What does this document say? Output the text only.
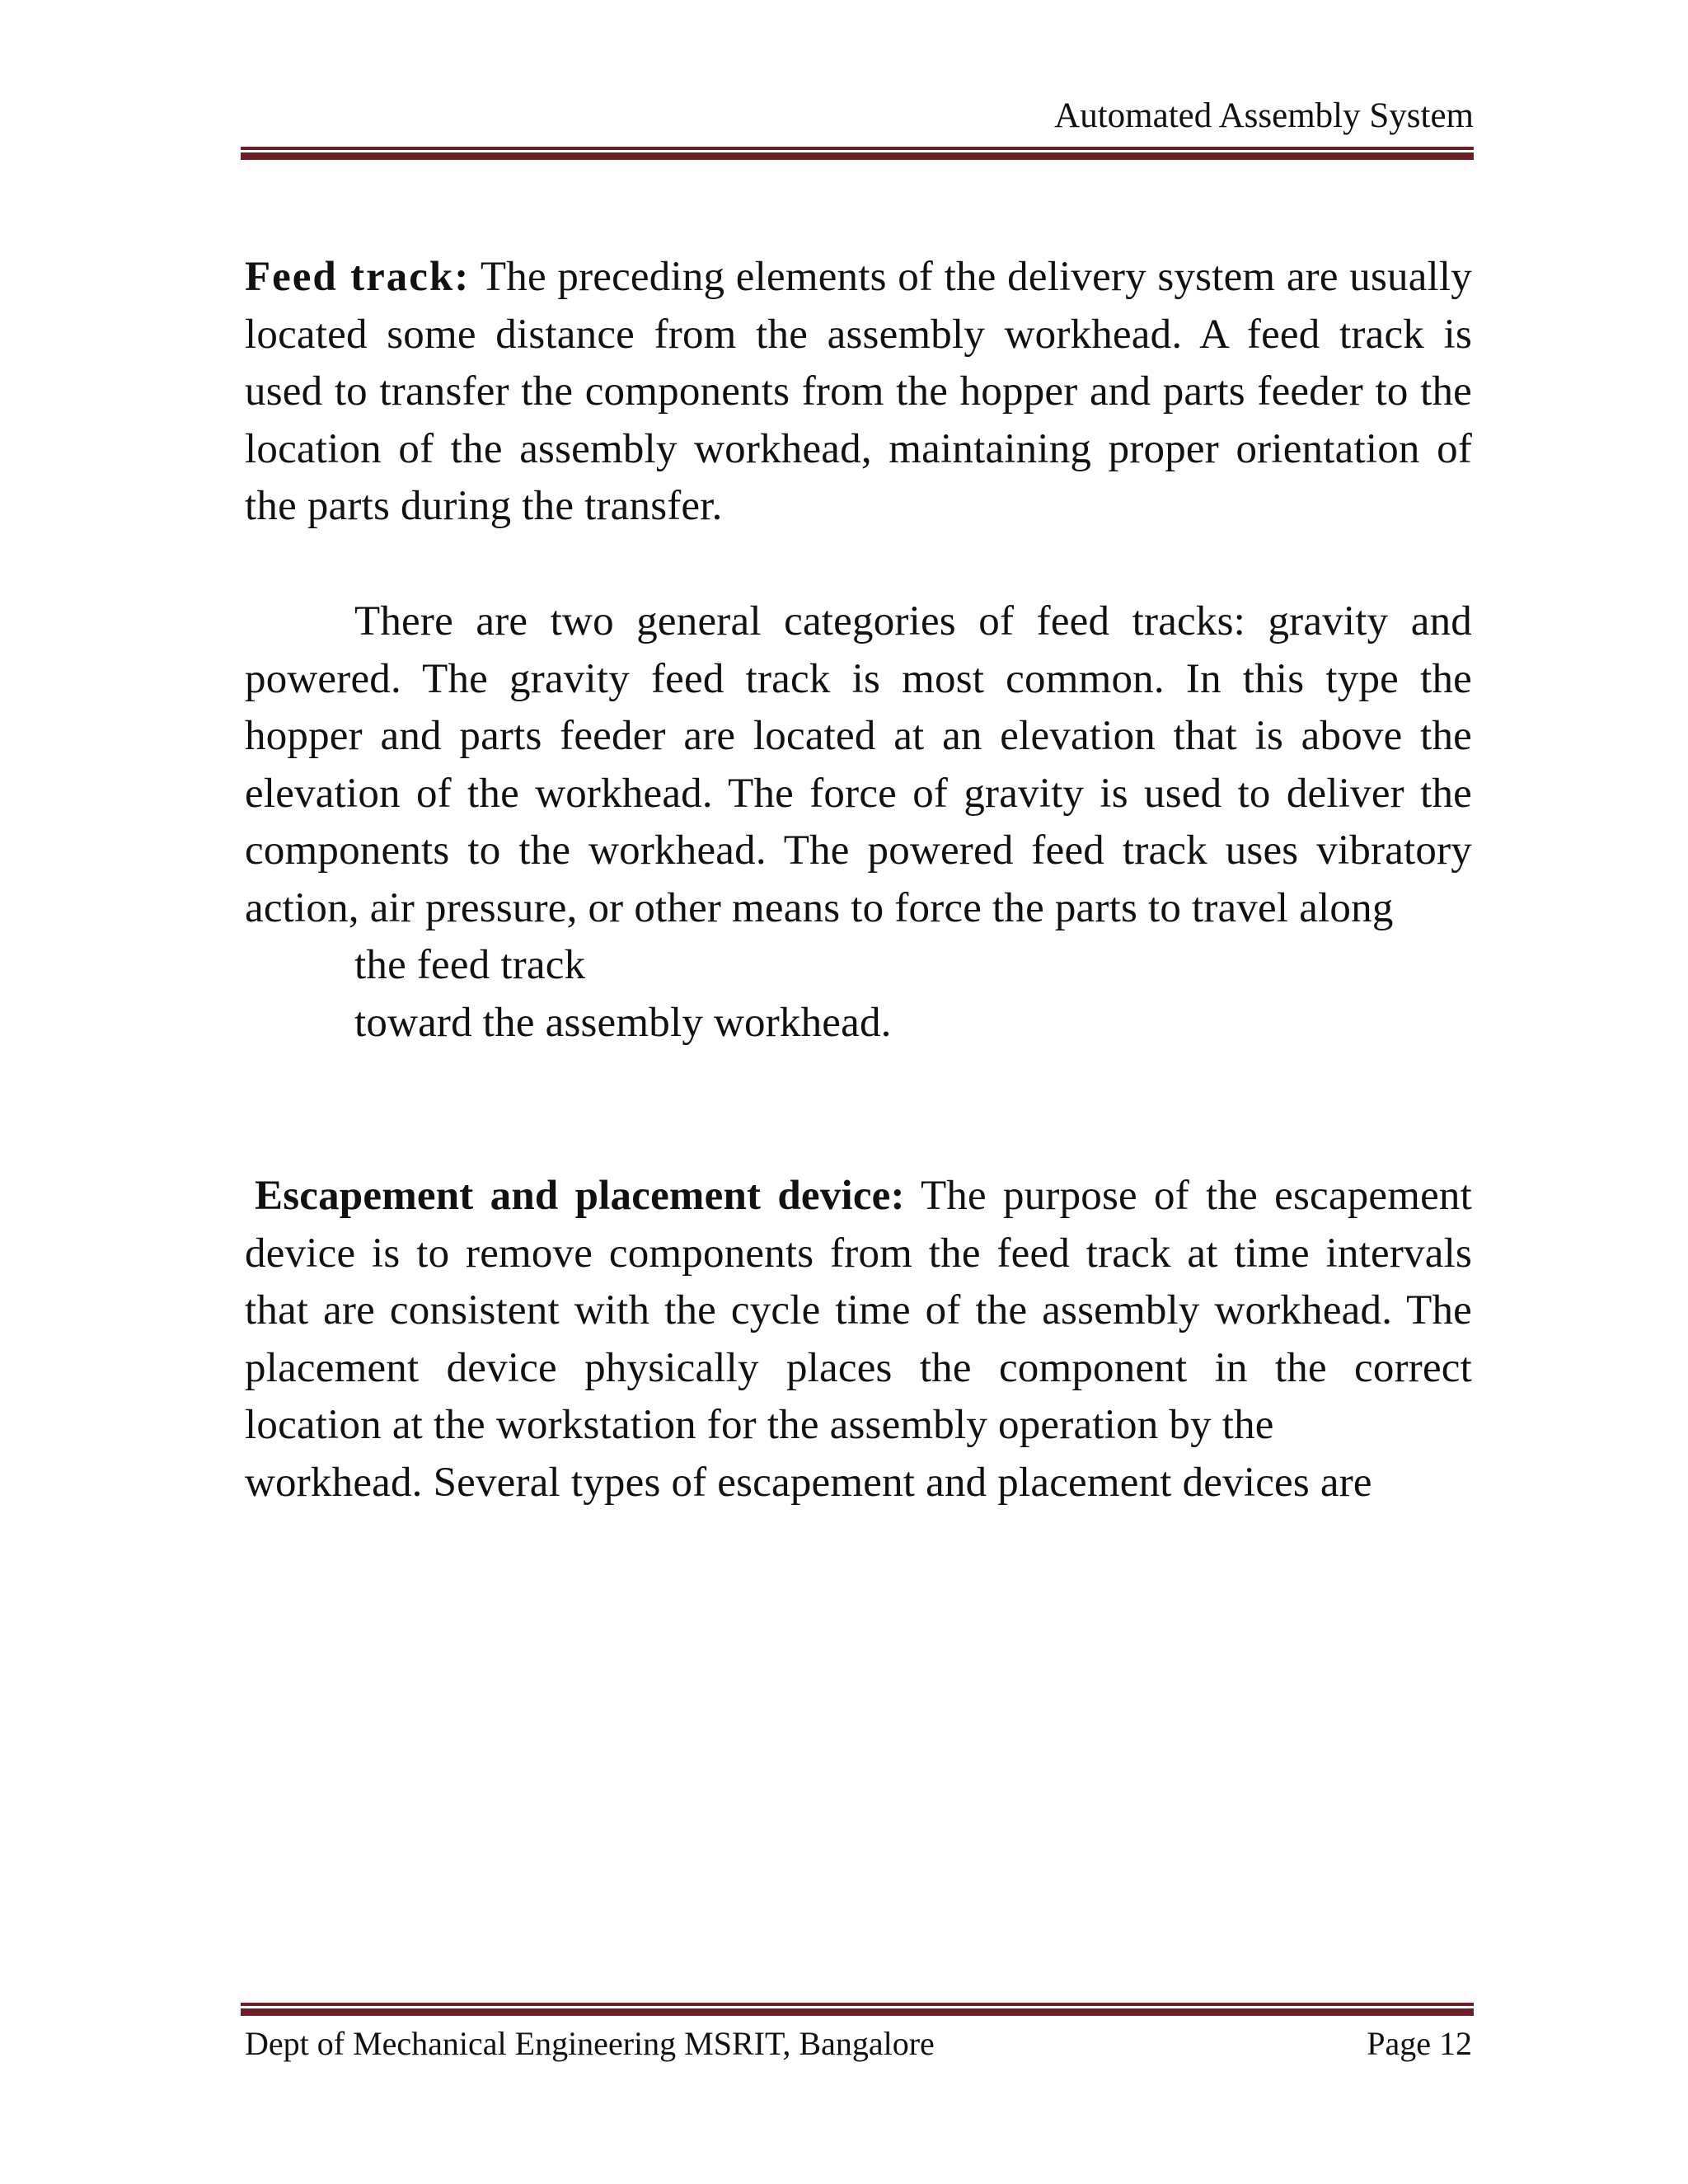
Automated Assembly System
Feed track: The preceding elements of the delivery system are usually located some distance from the assembly workhead. A feed track is used to transfer the components from the hopper and parts feeder to the location of the assembly workhead, maintaining proper orientation of the parts during the transfer.
There are two general categories of feed tracks: gravity and powered. The gravity feed track is most common. In this type the hopper and parts feeder are located at an elevation that is above the elevation of the workhead. The force of gravity is used to deliver the components to the workhead. The powered feed track uses vibratory action, air pressure, or other means to force the parts to travel along
the feed track
toward the assembly workhead.
Escapement and placement device: The purpose of the escapement device is to remove components from the feed track at time intervals that are consistent with the cycle time of the assembly workhead. The placement device physically places the component in the correct location at the workstation for the assembly operation by the
workhead. Several types of escapement and placement devices are
Dept of Mechanical Engineering MSRIT, Bangalore	Page 12
